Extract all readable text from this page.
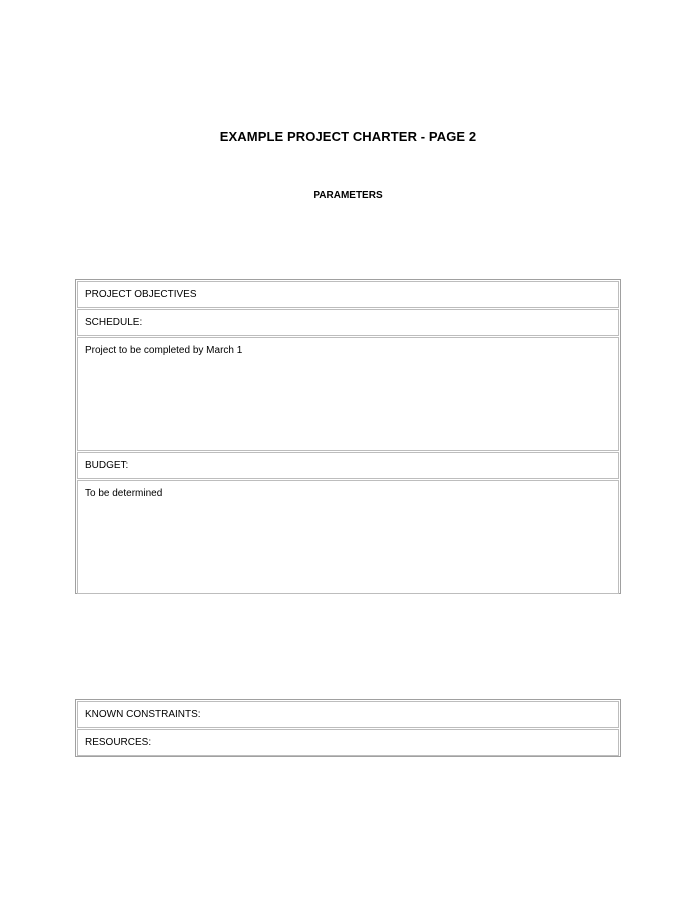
EXAMPLE PROJECT CHARTER - PAGE 2
PARAMETERS
PROJECT OBJECTIVES
SCHEDULE:
Project to be completed by March 1
BUDGET:
To be determined
KNOWN CONSTRAINTS:
RESOURCES:
